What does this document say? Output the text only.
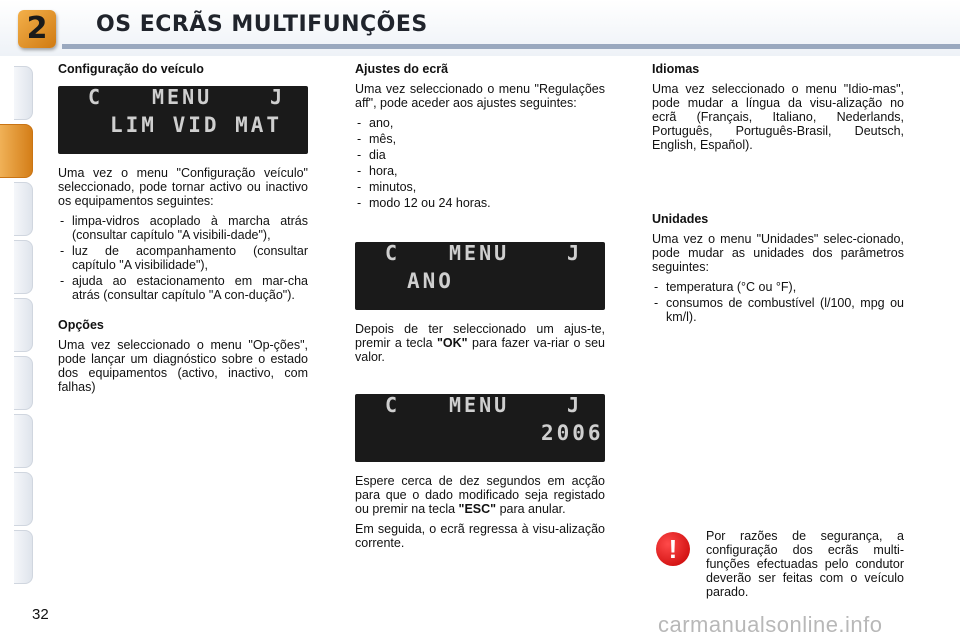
2	OS ECRÃS MULTIFUNÇÕES
Configuração do veículo
C MENU	J
LIM VID MAT

Uma vez o menu "Configuração veículo" seleccionado, pode tornar activo ou inactivo os equipamentos seguintes:

- limpa-vidros acoplado à marcha atrás (consultar capítulo "A visibili-dade"),
- luz de acompanhamento (consultar capítulo "A visibilidade"),
- ajuda ao estacionamento em mar-cha atrás (consultar capítulo "A con-dução").
Opções

Uma vez seleccionado o menu "Op-ções", pode lançar um diagnóstico sobre o estado dos equipamentos (activo, inactivo, com falhas)

Ajustes do ecrã

Uma vez seleccionado o menu "Regulações aff", pode aceder aos ajustes seguintes:

- ano,
- mês,
- dia
- hora,
- minutos,
- modo 12 ou 24 horas.
C MENU	J
ANO

Depois de ter seleccionado um ajus-te, premir a tecla "OK" para fazer va-riar o seu valor.

C MENU	J
2006

Espere cerca de dez segundos em acção para que o dado modificado seja registado ou premir na tecla "ESC" para anular.

Em seguida, o ecrã regressa à visu-alização corrente.

Idiomas

Uma vez seleccionado o menu "Idio-mas", pode mudar a língua da visu-alização no ecrã (Français, Italiano, Nederlands, Português, Português-Brasil, Deutsch, English, Español).

Unidades

Uma vez o menu "Unidades" selec-cionado, pode mudar as unidades dos parâmetros seguintes:

- temperatura (°C ou °F),
- consumos de combustível (l/100, mpg ou km/l).
!	Por razões de segurança, a configuração dos ecrãs multi-funções efectuadas pelo condutor deverão ser feitas com o veículo parado.
32	carmanualsonline.info
